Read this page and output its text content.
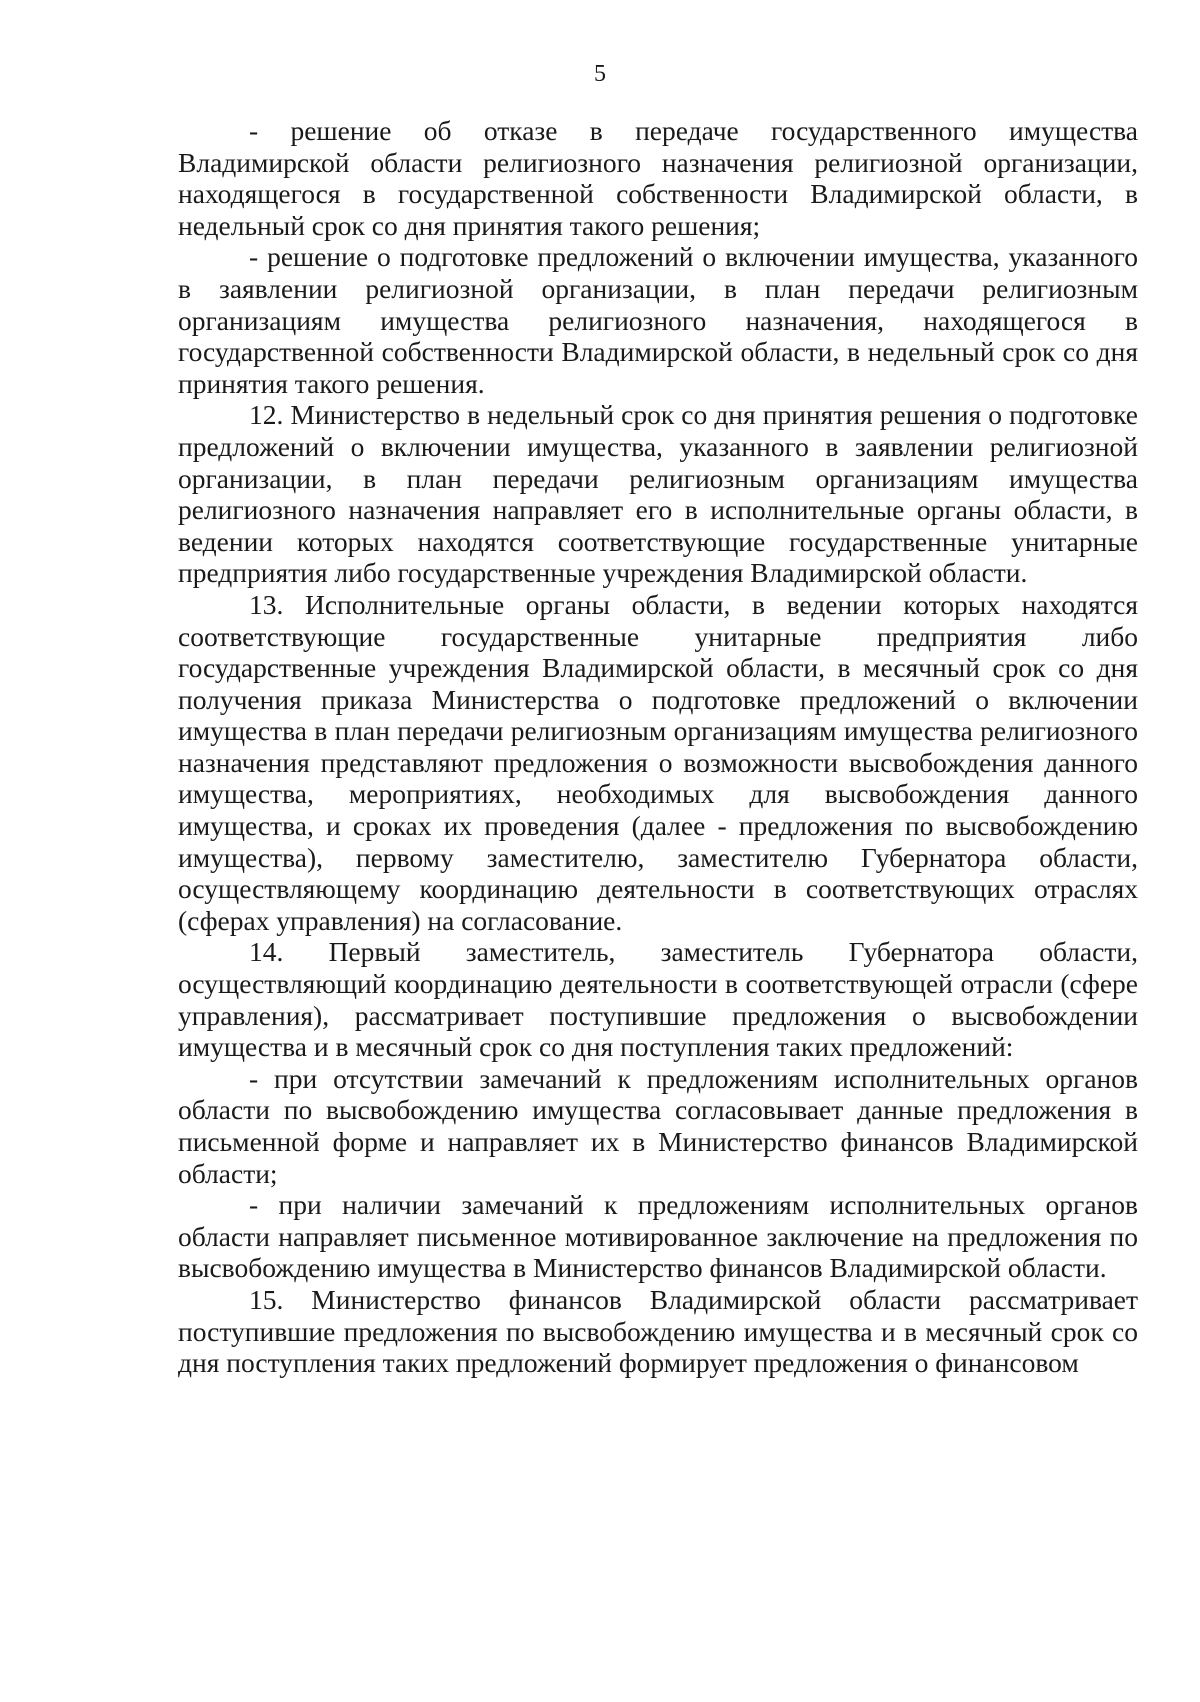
5

- решение об отказе в передаче государственного имущества Владимирской области религиозного назначения религиозной организации, находящегося в государственной собственности Владимирской области, в недельный срок со дня принятия такого решения;

- решение о подготовке предложений о включении имущества, указанного в заявлении религиозной организации, в план передачи религиозным организациям имущества религиозного назначения, находящегося в государственной собственности Владимирской области, в недельный срок со дня принятия такого решения.

12. Министерство в недельный срок со дня принятия решения о подготовке предложений о включении имущества, указанного в заявлении религиозной организации, в план передачи религиозным организациям имущества религиозного назначения направляет его в исполнительные органы области, в ведении которых находятся соответствующие государственные унитарные предприятия либо государственные учреждения Владимирской области.

13. Исполнительные органы области, в ведении которых находятся соответствующие государственные унитарные предприятия либо государственные учреждения Владимирской области, в месячный срок со дня получения приказа Министерства о подготовке предложений о включении имущества в план передачи религиозным организациям имущества религиозного назначения представляют предложения о возможности высвобождения данного имущества, мероприятиях, необходимых для высвобождения данного имущества, и сроках их проведения (далее - предложения по высвобождению имущества), первому заместителю, заместителю Губернатора области, осуществляющему координацию деятельности в соответствующих отраслях (сферах управления) на согласование.

14. Первый заместитель, заместитель Губернатора области, осуществляющий координацию деятельности в соответствующей отрасли (сфере управления), рассматривает поступившие предложения о высвобождении имущества и в месячный срок со дня поступления таких предложений:

- при отсутствии замечаний к предложениям исполнительных органов области по высвобождению имущества согласовывает данные предложения в письменной форме и направляет их в Министерство финансов Владимирской области;

- при наличии замечаний к предложениям исполнительных органов области направляет письменное мотивированное заключение на предложения по высвобождению имущества в Министерство финансов Владимирской области.

15. Министерство финансов Владимирской области рассматривает поступившие предложения по высвобождению имущества и в месячный срок со дня поступления таких предложений формирует предложения о финансовом
